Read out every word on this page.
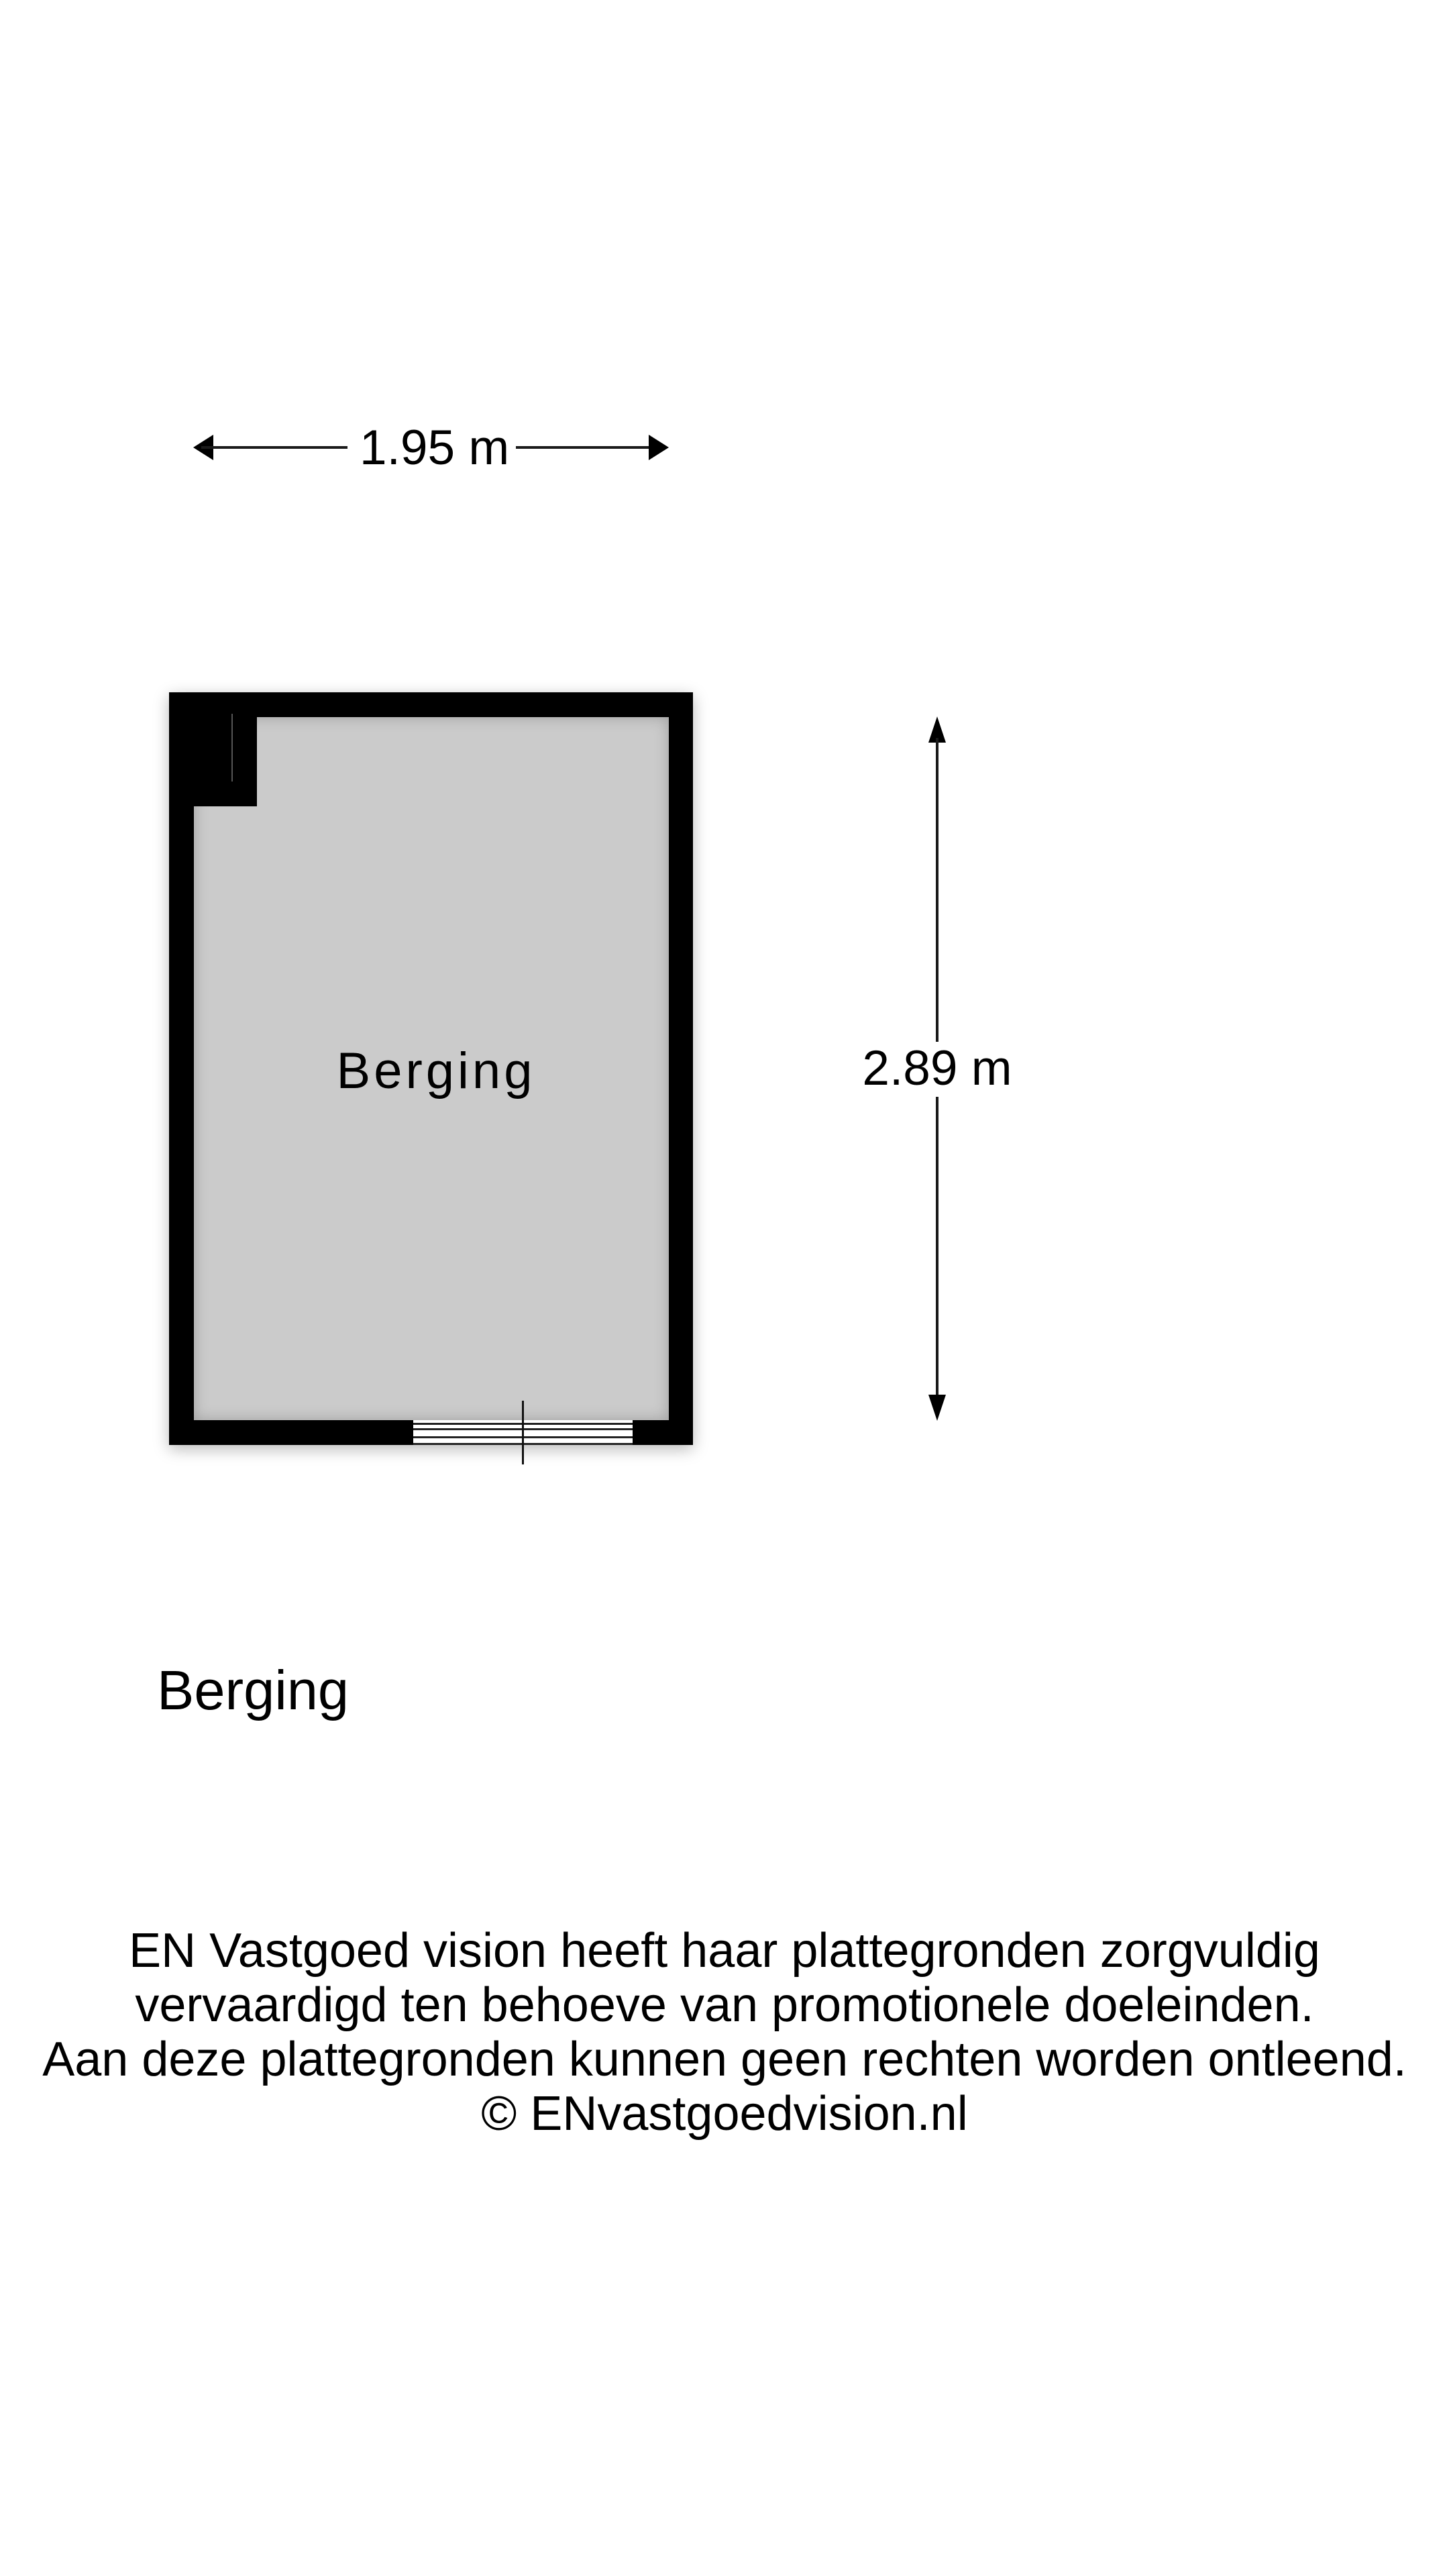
1.95 m
2.89 m
Berging
Berging
EN Vastgoed vision heeft haar plattegronden zorgvuldig
vervaardigd ten behoeve van promotionele doeleinden.
Aan deze plattegronden kunnen geen rechten worden ontleend.
© ENvastgoedvision.nl
